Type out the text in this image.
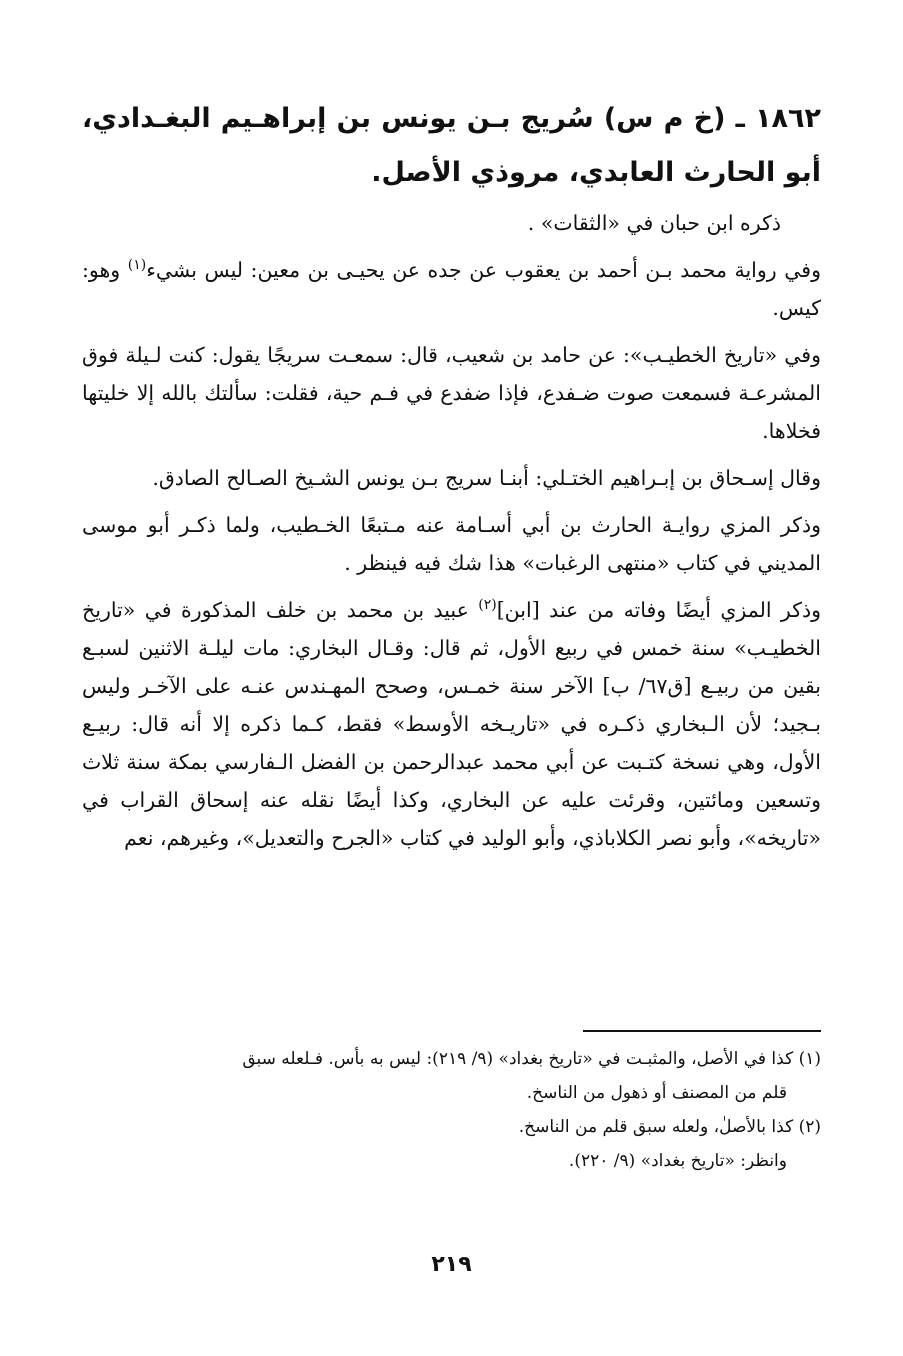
١٨٦٢ ـ (خ م س) سُريج بـن يونس بن إبراهـيم البغـدادي، أبو الحارث العابدي، مروذي الأصل.

ذكره ابن حبان في «الثقات» .

وفي رواية محمد بـن أحمد بن يعقوب عن جده عن يحيـى بن معين: ليس بشيء$^{(١)}$ وهو: كيس.

وفي «تاريخ الخطيـب»: عن حامد بن شعيب، قال: سمعـت سريجًا يقول: كنت لـيلة فوق المشرعـة فسمعت صوت ضـفدع، فإذا ضفدع في فـم حية، فقلت: سألتك بالله إلا خليتها فخلاها.

وقال إسـحاق بن إبـراهيم الختـلي: أبنـا سريج بـن يونس الشـيخ الصـالح الصادق.

وذكر المزي روايـة الحارث بن أبي أسـامة عنه مـتبعًا الخـطيب، ولما ذكـر أبو موسى المديني في كتاب «منتهى الرغبات» هذا شك فيه فينظر .

وذكر المزي أيضًا وفاته من عند [ابن]$^{(٢)}$ عبيد بن محمد بن خلف المذكورة في «تاريخ الخطيـب» سنة خمس في ربيع الأول، ثم قال: وقـال البخاري: مات ليلـة الاثنين لسبـع بقين من ربيـع [ق٦٧/ ب] الآخر سنة خمـس، وصحح المهـندس عنـه على الآخـر وليس بـجيد؛ لأن الـبخاري ذكـره في «تاريـخه الأوسط» فقط، كـما ذكره إلا أنه قال: ربيـع الأول، وهي نسخة كتـبت عن أبي محمد عبدالرحمن بن الفضل الـفارسي بمكة سنة ثلاث وتسعين ومائتين، وقرئت عليه عن البخاري، وكذا أيضًا نقله عنه إسحاق القراب في «تاريخه»، وأبو نصر الكلاباذي، وأبو الوليد في كتاب «الجرح والتعديل»، وغيرهم، نعم

(١) كذا في الأصل، والمثبـت في «تاريخ بغداد» (٩/ ٢١٩): ليس به بأس. فـلعله سبق
قلم من المصنف أو ذهول من الناسخ.

(٢) كذا بالأصلٰ، ولعله سبق قلم من الناسخ.
وانظر: «تاريخ بغداد» (٩/ ٢٢٠).

٢١٩
